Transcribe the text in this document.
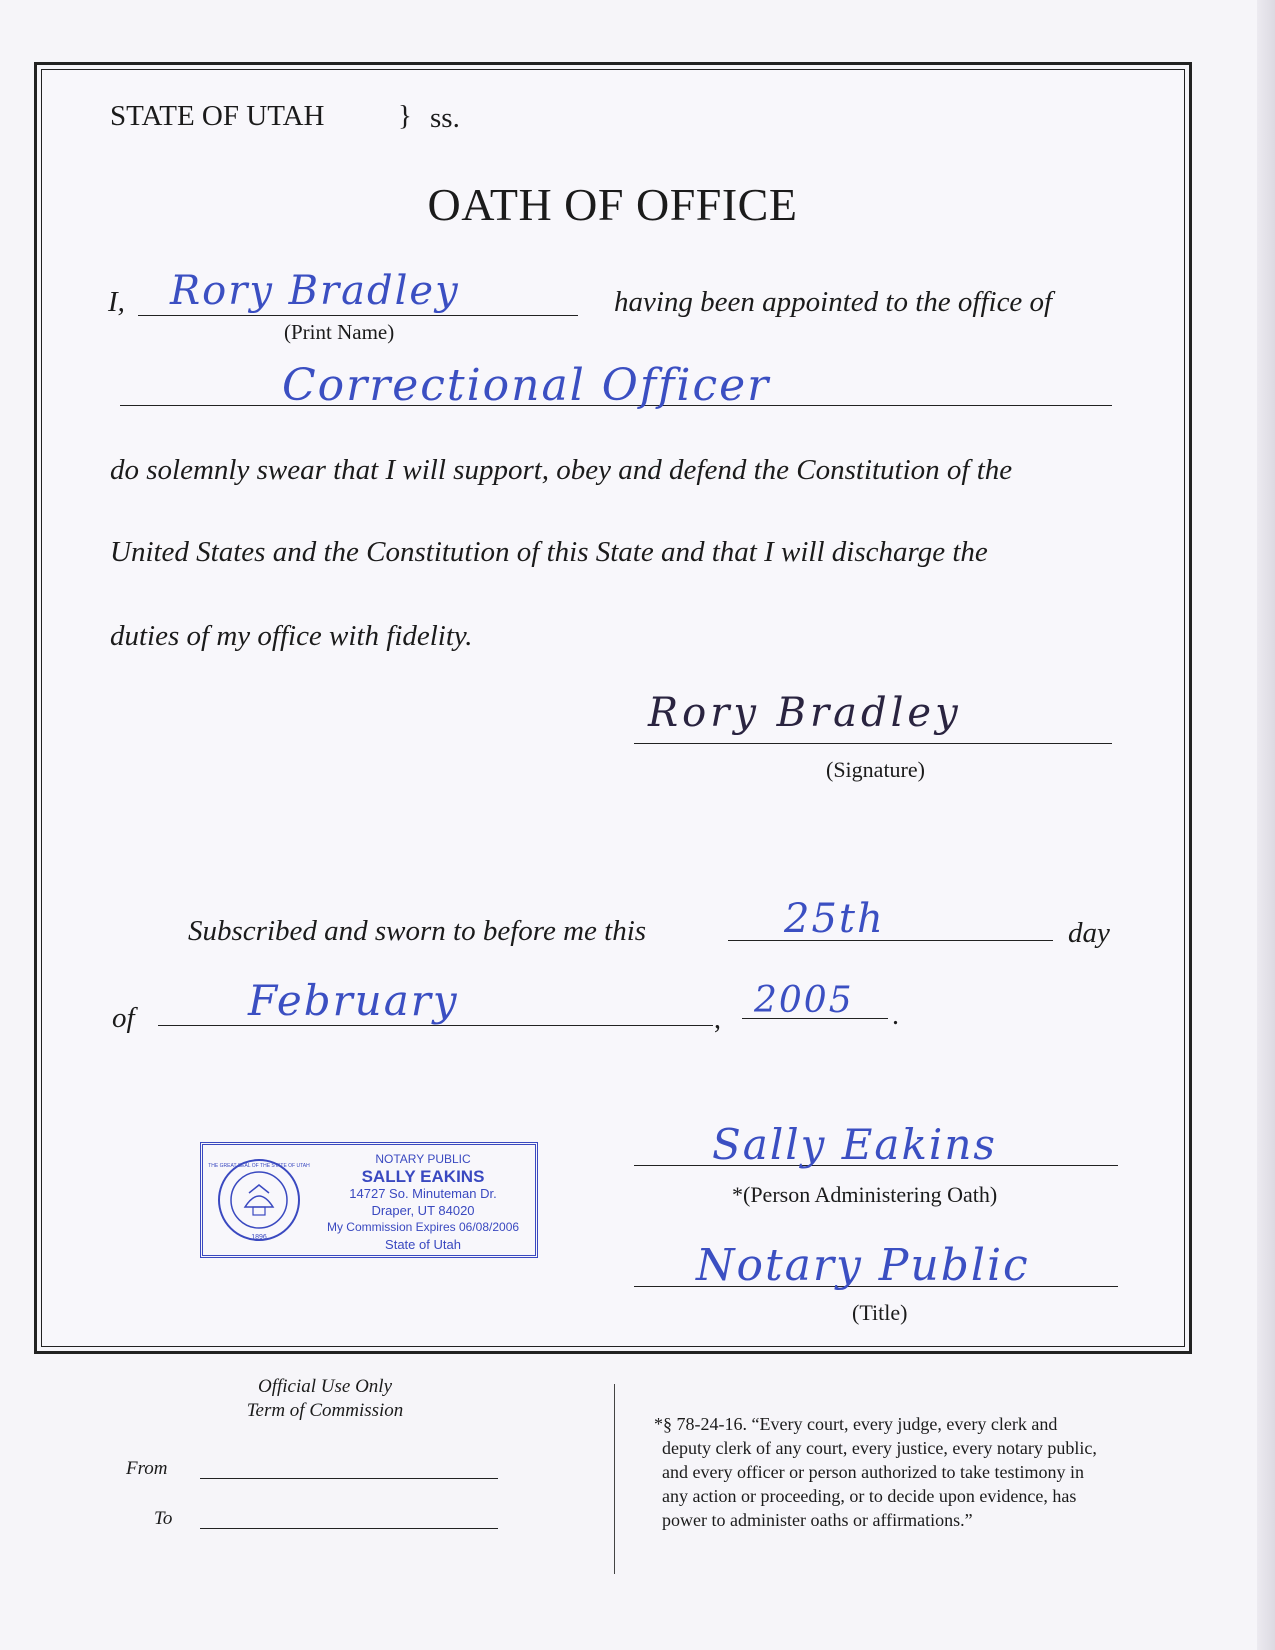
STATE OF UTAH	} ss.
OATH OF OFFICE
I, Rory Bradley
(Print Name)
having been appointed to the office of
Correctional Officer
do solemnly swear that I will support, obey and defend the Constitution of the
United States and the Constitution of this State and that I will discharge the
duties of my office with fidelity.
Rory Bradley
(Signature)
Subscribed and sworn to before me this	25th	day
of	February	, 2005 .
1896
THE GREAT SEAL OF THE STATE OF UTAH	NOTARY PUBLIC
SALLY EAKINS
14727 So. Minuteman Dr.
Draper, UT 84020
My Commission Expires 06/08/2006
State of Utah
Sally Eakins
*(Person Administering Oath)
Notary Public
(Title)
Official Use Only
Term of Commission
From
To
*§ 78-24-16. “Every court, every judge, every clerk and
deputy clerk of any court, every justice, every notary public,
and every officer or person authorized to take testimony in
any action or proceeding, or to decide upon evidence, has
power to administer oaths or affirmations.”
